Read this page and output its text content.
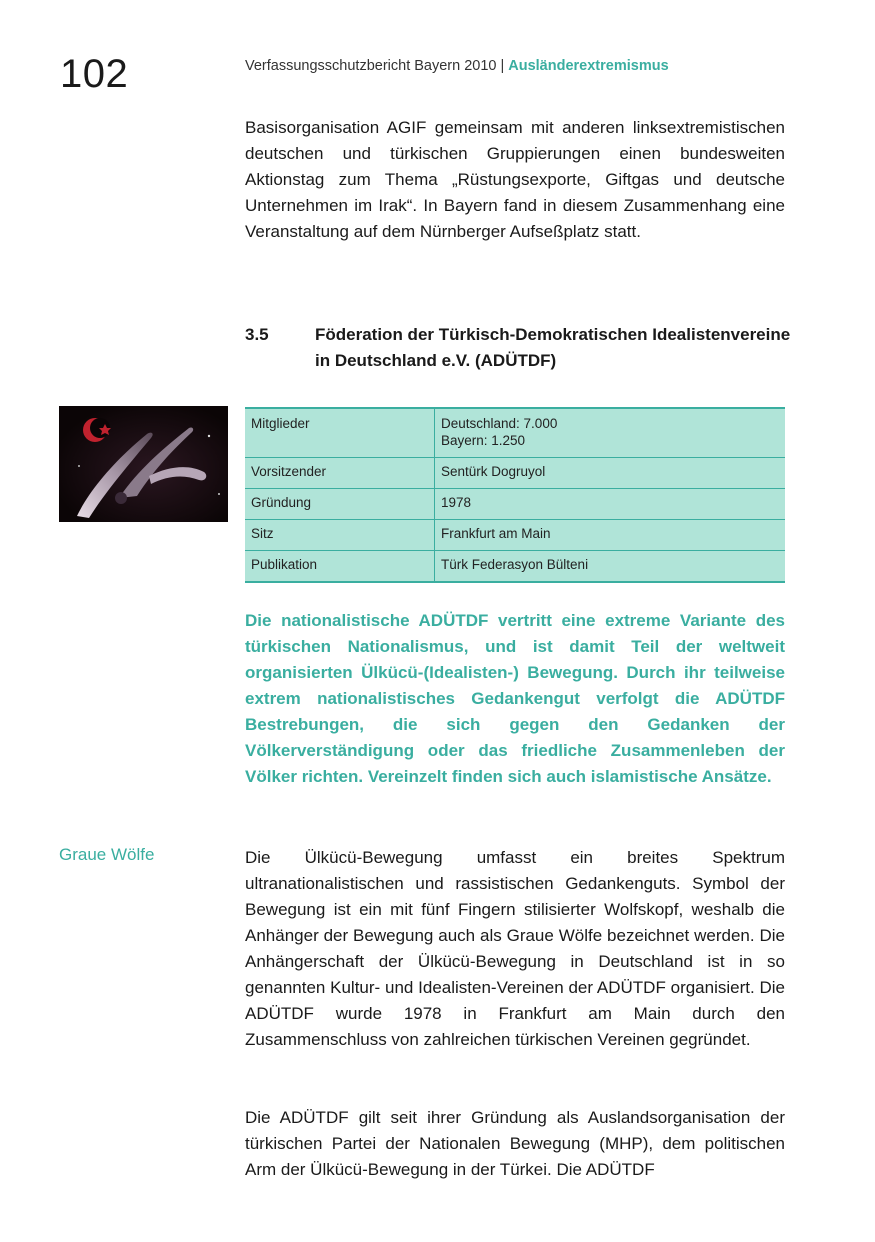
102	Verfassungsschutzbericht Bayern 2010 | Ausländerextremismus

Basisorganisation AGIF gemeinsam mit anderen linksextremistischen deutschen und türkischen Gruppierungen einen bundesweiten Aktionstag zum Thema „Rüstungsexporte, Giftgas und deutsche Unternehmen im Irak“. In Bayern fand in diesem Zusammenhang eine Veranstaltung auf dem Nürnberger Aufseßplatz statt.

3.5	Föderation der Türkisch-Demokratischen Idealistenvereine in Deutschland e.V. (ADÜTDF)
Mitglieder	Deutschland: 7.000
Bayern: 1.250

Vorsitzender	Sentürk Dogruyol
Gründung	1978
Sitz	Frankfurt am Main
Publikation	Türk Federasyon Bülteni

Die nationalistische ADÜTDF vertritt eine extreme Variante des türkischen Nationalismus, und ist damit Teil der weltweit organisierten Ülkücü-(Idealisten-) Bewegung. Durch ihr teilweise extrem nationalistisches Gedankengut verfolgt die ADÜTDF Bestrebungen, die sich gegen den Gedanken der Völkerverständigung oder das friedliche Zusammenleben der Völker richten. Vereinzelt finden sich auch islamistische Ansätze.

Graue Wölfe	Die Ülkücü-Bewegung umfasst ein breites Spektrum ultranationalistischen und rassistischen Gedankenguts. Symbol der Bewegung ist ein mit fünf Fingern stilisierter Wolfskopf, weshalb die Anhänger der Bewegung auch als Graue Wölfe bezeichnet werden. Die Anhängerschaft der Ülkücü-Bewegung in Deutschland ist in so genannten Kultur- und Idealisten-Vereinen der ADÜTDF organisiert. Die ADÜTDF wurde 1978 in Frankfurt am Main durch den Zusammenschluss von zahlreichen türkischen Vereinen gegründet.

Die ADÜTDF gilt seit ihrer Gründung als Auslandsorganisation der türkischen Partei der Nationalen Bewegung (MHP), dem politischen Arm der Ülkücü-Bewegung in der Türkei. Die ADÜTDF
